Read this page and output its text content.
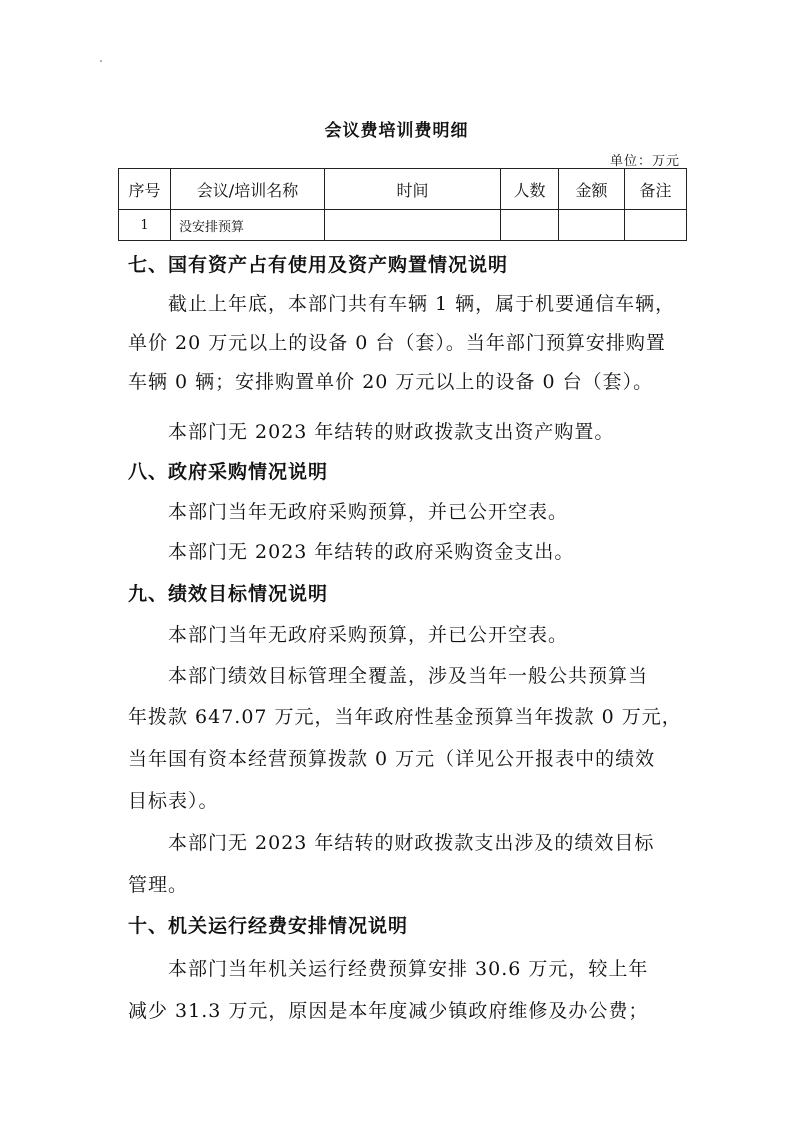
会议费培训费明细
单位：万元
序号	会议/培训名称	时间	人数	金额	备注
1	没安排预算				
七、国有资产占有使用及资产购置情况说明
截止上年底，本部门共有车辆 1 辆，属于机要通信车辆，
单价 20 万元以上的设备 0 台（套）。当年部门预算安排购置
车辆 0 辆；安排购置单价 20 万元以上的设备 0 台（套）。
本部门无 2023 年结转的财政拨款支出资产购置。
八、政府采购情况说明
本部门当年无政府采购预算，并已公开空表。
本部门无 2023 年结转的政府采购资金支出。
九、绩效目标情况说明
本部门当年无政府采购预算，并已公开空表。
本部门绩效目标管理全覆盖，涉及当年一般公共预算当
年拨款 647.07 万元，当年政府性基金预算当年拨款 0 万元，
当年国有资本经营预算拨款 0 万元（详见公开报表中的绩效
目标表）。
本部门无 2023 年结转的财政拨款支出涉及的绩效目标
管理。
十、机关运行经费安排情况说明
本部门当年机关运行经费预算安排 30.6 万元，较上年
减少 31.3 万元，原因是本年度减少镇政府维修及办公费；
